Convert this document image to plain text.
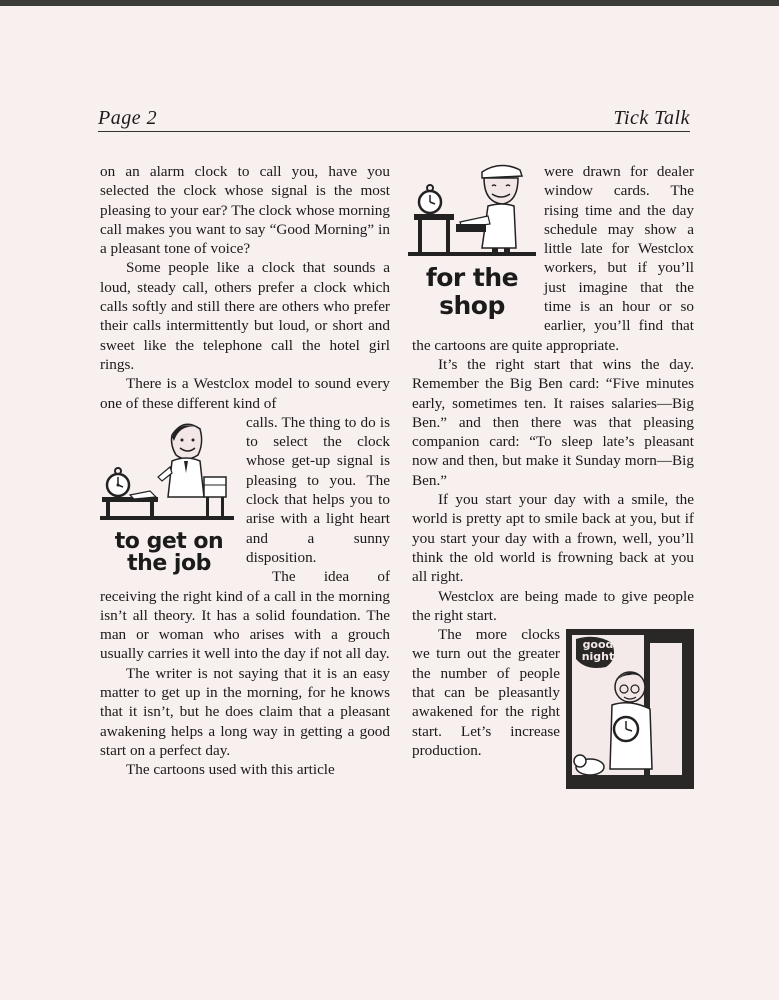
Page 2	Tick Talk

on an alarm clock to call you, have you selected the clock whose signal is the most pleasing to your ear? The clock whose morning call makes you want to say “Good Morning” in a pleasant tone of voice?

Some people like a clock that sounds a loud, steady call, others prefer a clock which calls softly and still there are others who prefer their calls intermittently but loud, or short and sweet like the telephone call the hotel girl rings.

There is a Westclox model to sound every one of these different kind of

to get on the job

calls. The thing to do is to select the clock whose get-up signal is pleasing to you. The clock that helps you to arise with a light heart and a sunny disposition.

The idea of receiving the right kind of a call in the morning isn’t all theory. It has a solid foundation. The man or woman who arises with a grouch usually carries it well into the day if not all day.

The writer is not saying that it is an easy matter to get up in the morning, for he knows that it isn’t, but he does claim that a pleasant awakening helps a long way in getting a good start on a perfect day.

The cartoons used with this article

for the shop

were drawn for dealer window cards. The rising time and the day schedule may show a little late for Westclox workers, but if you’ll just imagine that the time is an hour or so earlier, you’ll find that the cartoons are quite appropriate.

It’s the right start that wins the day. Remember the Big Ben card: “Five minutes early, sometimes ten. It raises salaries—Big Ben.” and then there was that pleasing companion card: “To sleep late’s pleasant now and then, but make it Sunday morn—Big Ben.”

If you start your day with a smile, the world is pretty apt to smile back at you, but if you start your day with a frown, well, you’ll think the old world is frowning back at you all right.

Westclox are being made to give people the right start.

good night

The more clocks we turn out the greater the number of people that can be pleasantly awakened for the right start. Let’s increase production.
